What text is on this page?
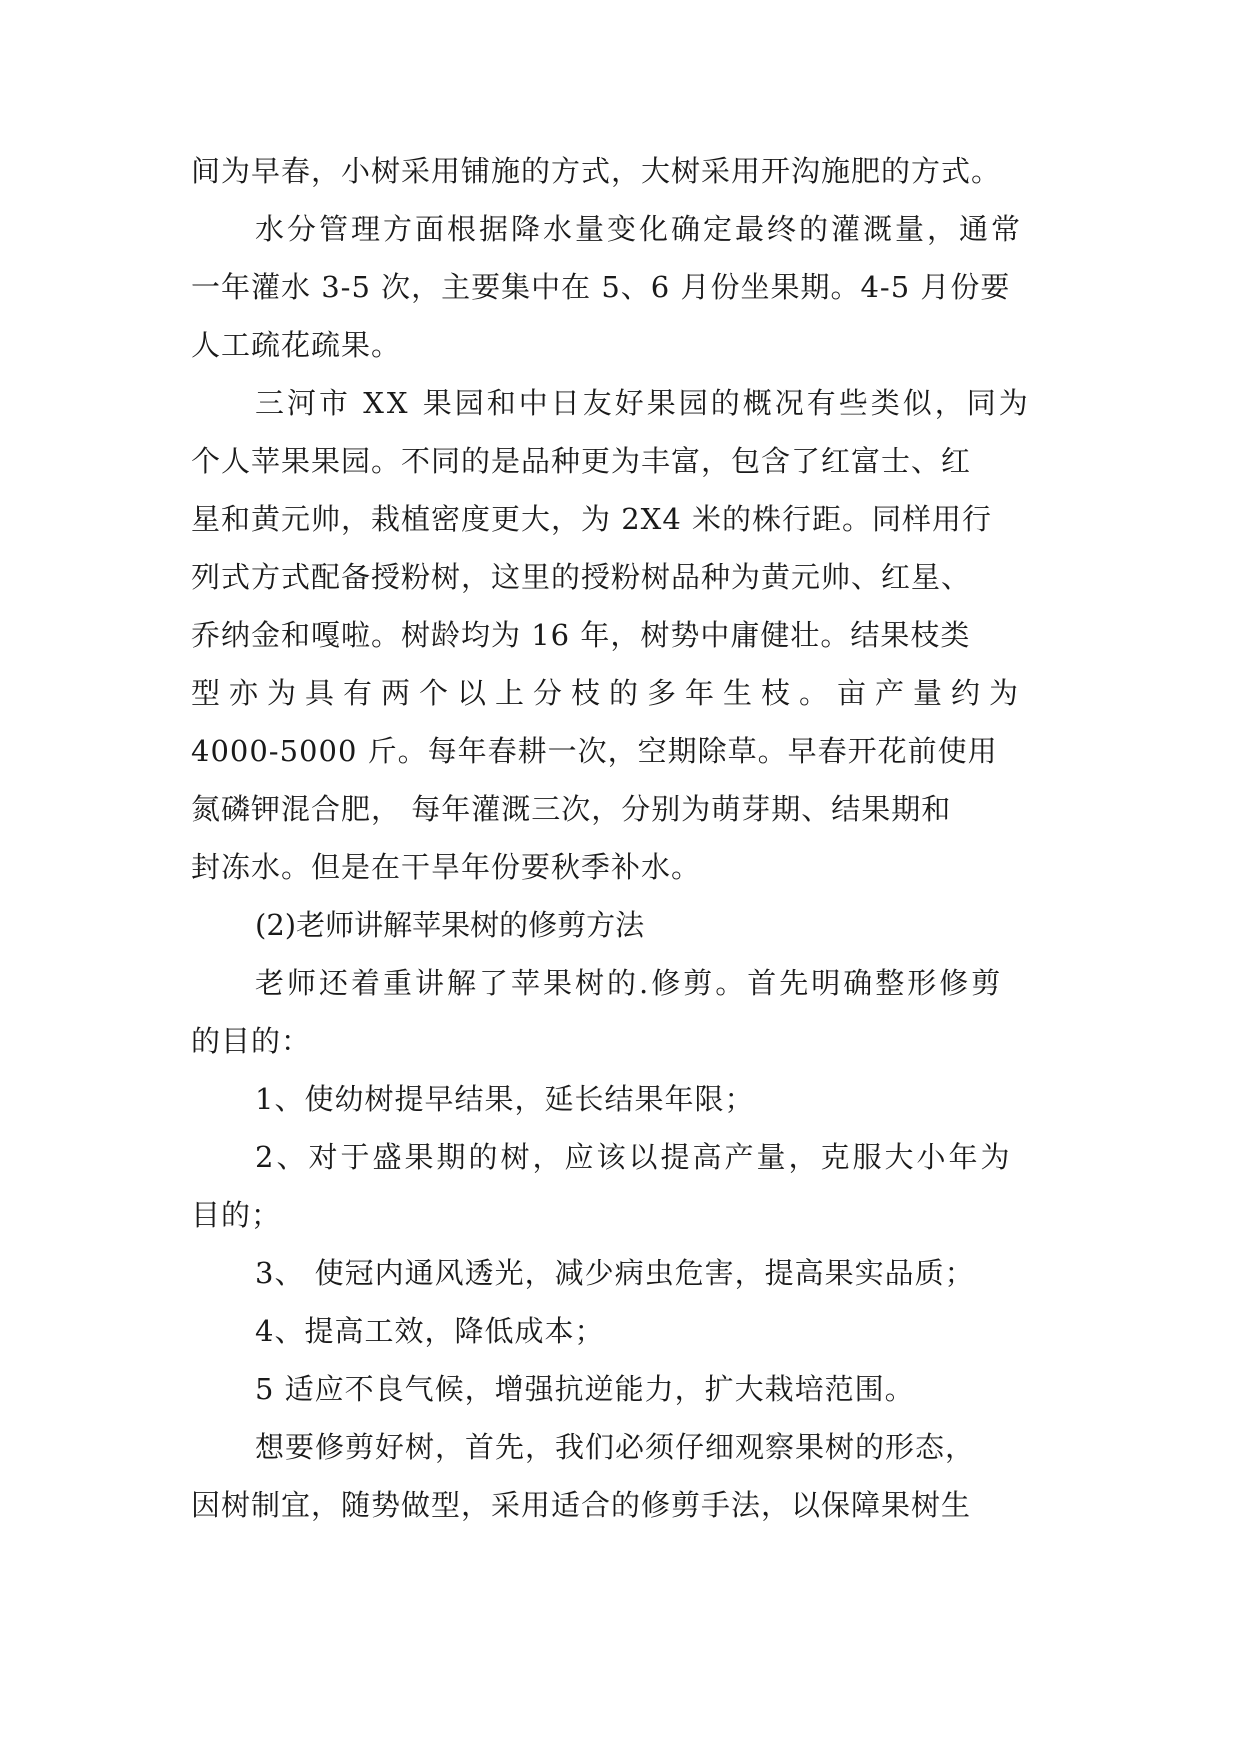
间为早春，小树采用铺施的方式，大树采用开沟施肥的方式。
水分管理方面根据降水量变化确定最终的灌溉量，通常
一年灌水 3-5 次，主要集中在 5、6 月份坐果期。4-5 月份要
人工疏花疏果。
三河市 XX 果园和中日友好果园的概况有些类似，同为
个人苹果果园。不同的是品种更为丰富，包含了红富士、红
星和黄元帅，栽植密度更大，为 2X4 米的株行距。同样用行
列式方式配备授粉树，这里的授粉树品种为黄元帅、红星、
乔纳金和嘎啦。树龄均为 16 年，树势中庸健壮。结果枝类
型亦为具有两个以上分枝的多年生枝。亩产量约为
4000-5000 斤。每年春耕一次，空期除草。早春开花前使用
氮磷钾混合肥， 每年灌溉三次，分别为萌芽期、结果期和
封冻水。但是在干旱年份要秋季补水。
(2)老师讲解苹果树的修剪方法
老师还着重讲解了苹果树的.修剪。首先明确整形修剪
的目的：
1、使幼树提早结果，延长结果年限；
2、对于盛果期的树，应该以提高产量，克服大小年为
目的；
3、 使冠内通风透光，减少病虫危害，提高果实品质；
4、提高工效，降低成本；
5 适应不良气候，增强抗逆能力，扩大栽培范围。
想要修剪好树，首先，我们必须仔细观察果树的形态，
因树制宜，随势做型，采用适合的修剪手法，以保障果树生
